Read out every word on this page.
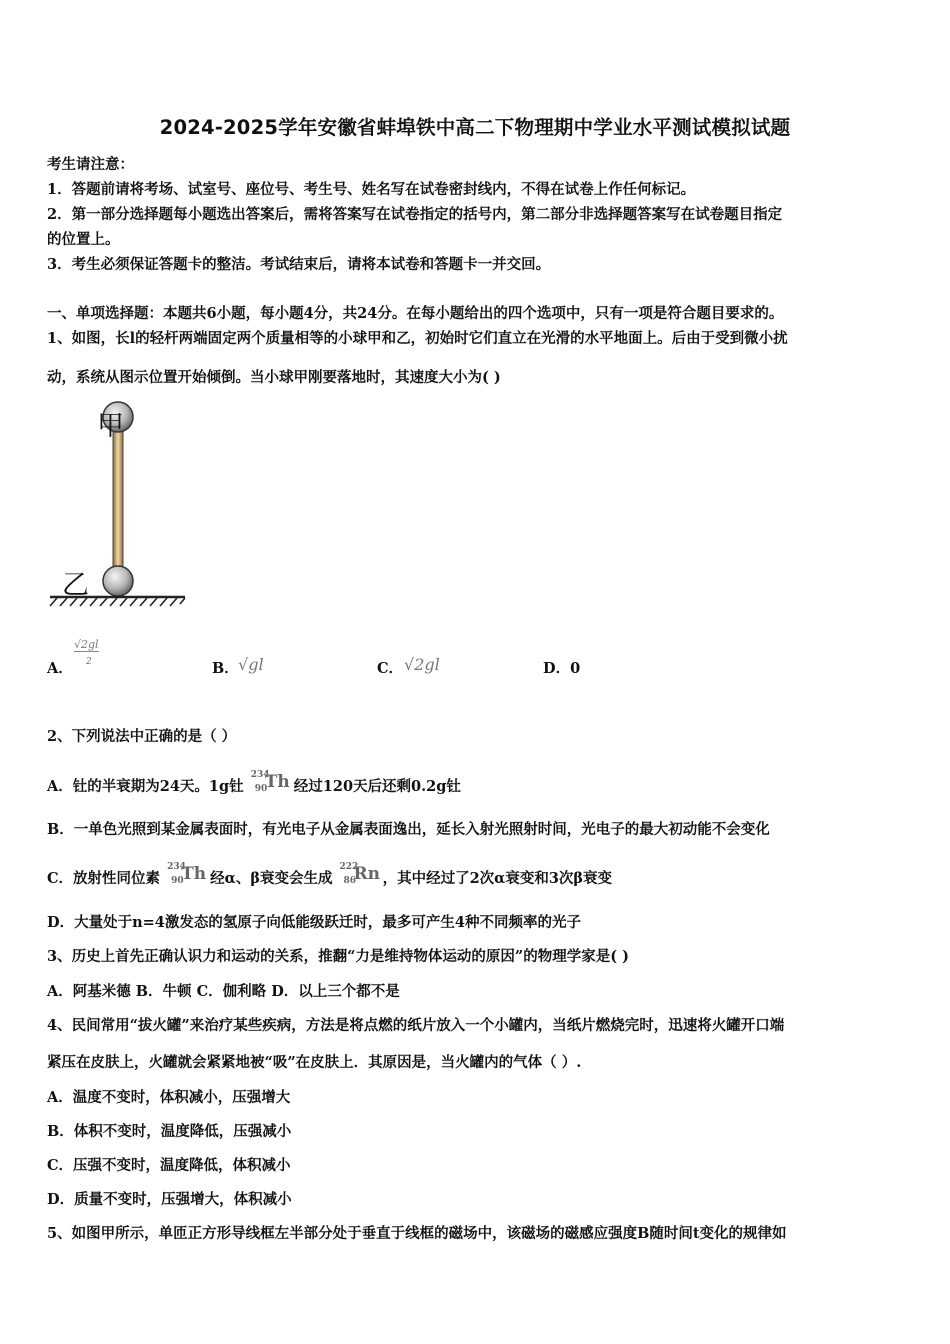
2024-2025学年安徽省蚌埠铁中高二下物理期中学业水平测试模拟试题
考生请注意：
1．答题前请将考场、试室号、座位号、考生号、姓名写在试卷密封线内，不得在试卷上作任何标记。
2．第一部分选择题每小题选出答案后，需将答案写在试卷指定的括号内，第二部分非选择题答案写在试卷题目指定
的位置上。
3．考生必须保证答题卡的整洁。考试结束后，请将本试卷和答题卡一并交回。
一、单项选择题：本题共6小题，每小题4分，共24分。在每小题给出的四个选项中，只有一项是符合题目要求的。
1、如图，长l的轻杆两端固定两个质量相等的小球甲和乙，初始时它们直立在光滑的水平地面上。后由于受到微小扰
动，系统从图示位置开始倾倒。当小球甲刚要落地时，其速度大小为( )
甲
乙
A．
√2gl
2	B． √gl	C． √2gl	D．0
2、下列说法中正确的是（ ）
A．钍的半衰期为24天。1g钍
234
90
Th 经过120天后还剩0.2g钍
B．一单色光照到某金属表面时，有光电子从金属表面逸出，延长入射光照射时间，光电子的最大初动能不会变化
C．放射性同位素
234
90
Th 经α、β衰变会生成
222
86
Rn ，其中经过了2次α衰变和3次β衰变
D．大量处于n=4激发态的氢原子向低能级跃迁时，最多可产生4种不同频率的光子
3、历史上首先正确认识力和运动的关系，推翻“力是维持物体运动的原因”的物理学家是( )
A．阿基米德 B．牛顿 C．伽利略 D．以上三个都不是
4、民间常用“拔火罐”来治疗某些疾病，方法是将点燃的纸片放入一个小罐内，当纸片燃烧完时，迅速将火罐开口端
紧压在皮肤上，火罐就会紧紧地被“吸”在皮肤上．其原因是，当火罐内的气体（ ）.
A．温度不变时，体积减小，压强增大
B．体积不变时，温度降低，压强减小
C．压强不变时，温度降低，体积减小
D．质量不变时，压强增大，体积减小
5、如图甲所示，单匝正方形导线框左半部分处于垂直于线框的磁场中，该磁场的磁感应强度B随时间t变化的规律如
